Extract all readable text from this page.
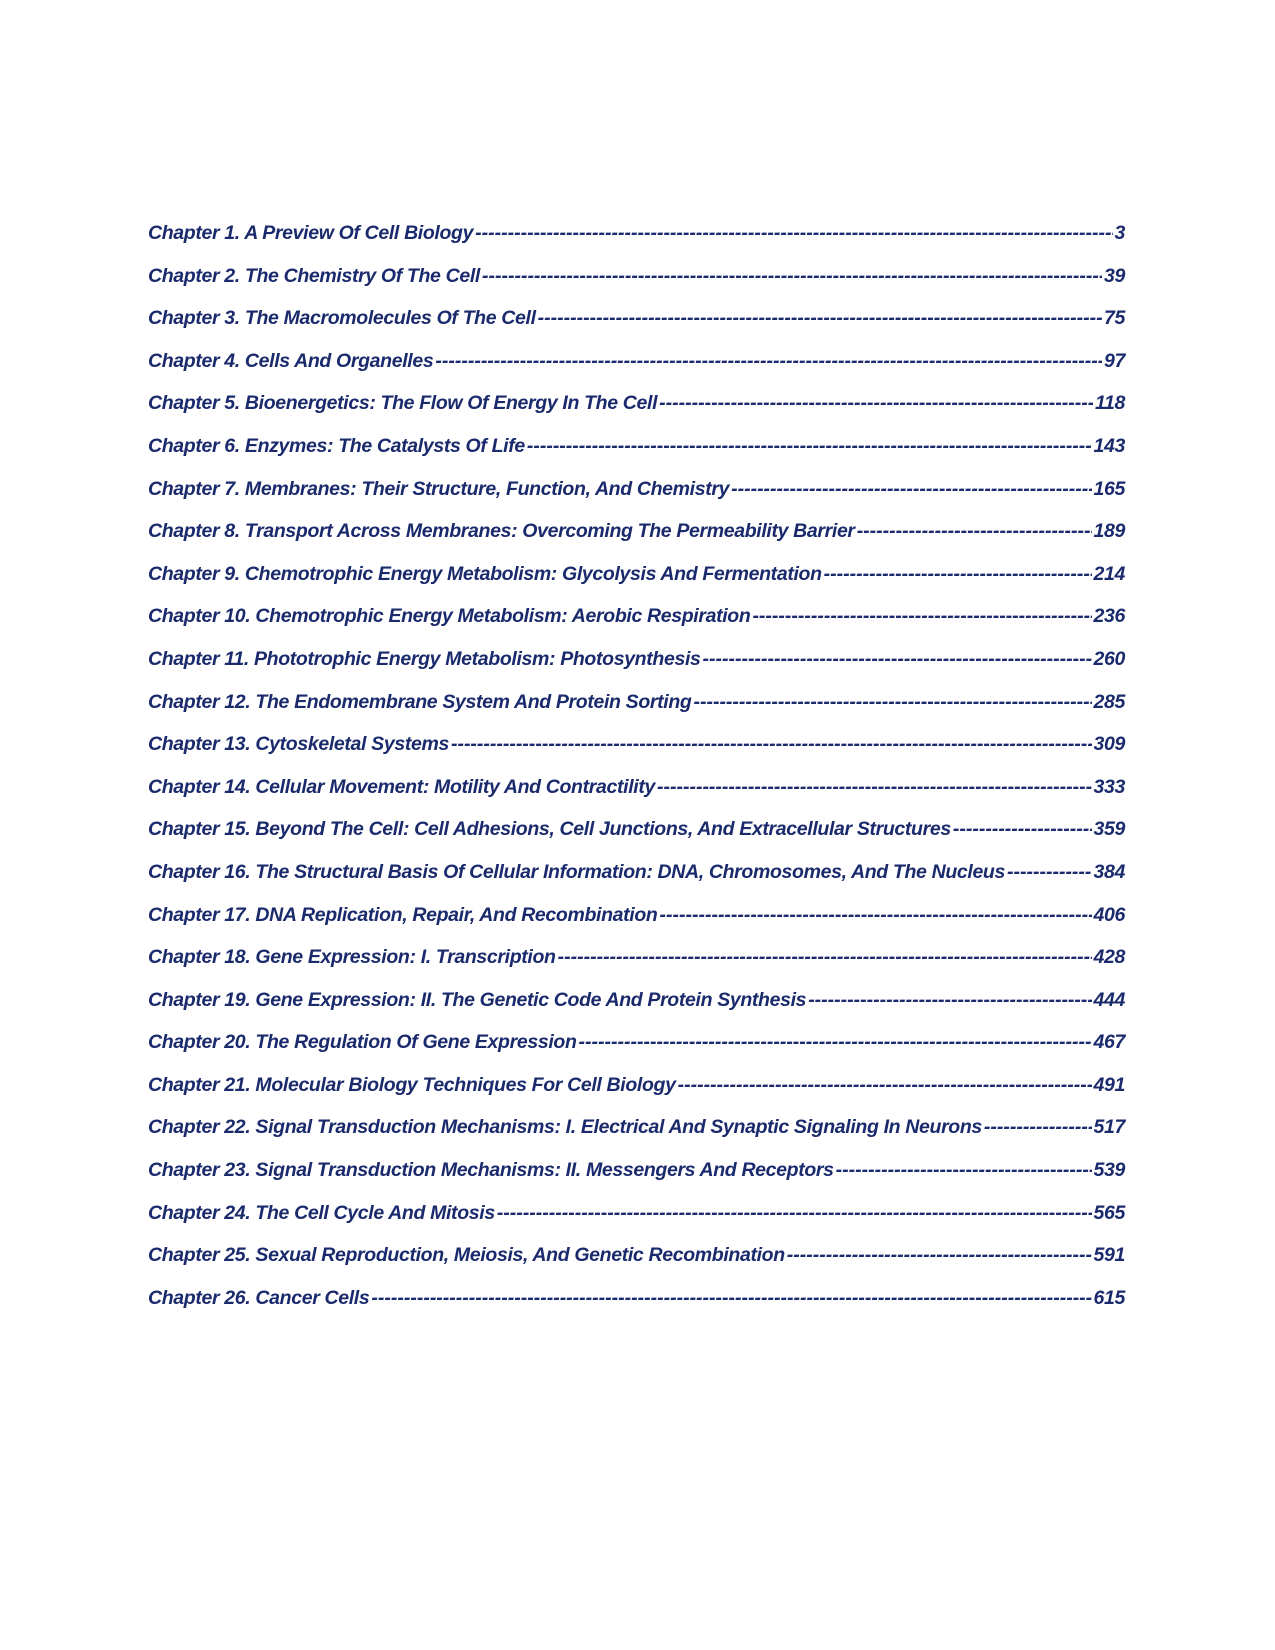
Chapter 1. A Preview Of Cell Biology -----	3
Chapter 2. The Chemistry Of The Cell -----	39
Chapter 3. The Macromolecules Of The Cell -----	75
Chapter 4. Cells And Organelles -----	97
Chapter 5. Bioenergetics: The Flow Of Energy In The Cell -----	118
Chapter 6. Enzymes: The Catalysts Of Life -----	143
Chapter 7. Membranes: Their Structure, Function, And Chemistry -----	165
Chapter 8. Transport Across Membranes: Overcoming The Permeability Barrier -----	189
Chapter 9. Chemotrophic Energy Metabolism: Glycolysis And Fermentation -----	214
Chapter 10. Chemotrophic Energy Metabolism: Aerobic Respiration -----	236
Chapter 11. Phototrophic Energy Metabolism: Photosynthesis -----	260
Chapter 12. The Endomembrane System And Protein Sorting -----	285
Chapter 13. Cytoskeletal Systems -----	309
Chapter 14. Cellular Movement: Motility And Contractility -----	333
Chapter 15. Beyond The Cell: Cell Adhesions, Cell Junctions, And Extracellular Structures -----	359
Chapter 16. The Structural Basis Of Cellular Information: DNA, Chromosomes, And The Nucleus -----	384
Chapter 17. DNA Replication, Repair, And Recombination -----	406
Chapter 18. Gene Expression: I. Transcription -----	428
Chapter 19. Gene Expression: II. The Genetic Code And Protein Synthesis -----	444
Chapter 20. The Regulation Of Gene Expression -----	467
Chapter 21. Molecular Biology Techniques For Cell Biology -----	491
Chapter 22. Signal Transduction Mechanisms: I. Electrical And Synaptic Signaling In Neurons -----	517
Chapter 23. Signal Transduction Mechanisms: II. Messengers And Receptors -----	539
Chapter 24. The Cell Cycle And Mitosis -----	565
Chapter 25. Sexual Reproduction, Meiosis, And Genetic Recombination -----	591
Chapter 26. Cancer Cells -----	615
